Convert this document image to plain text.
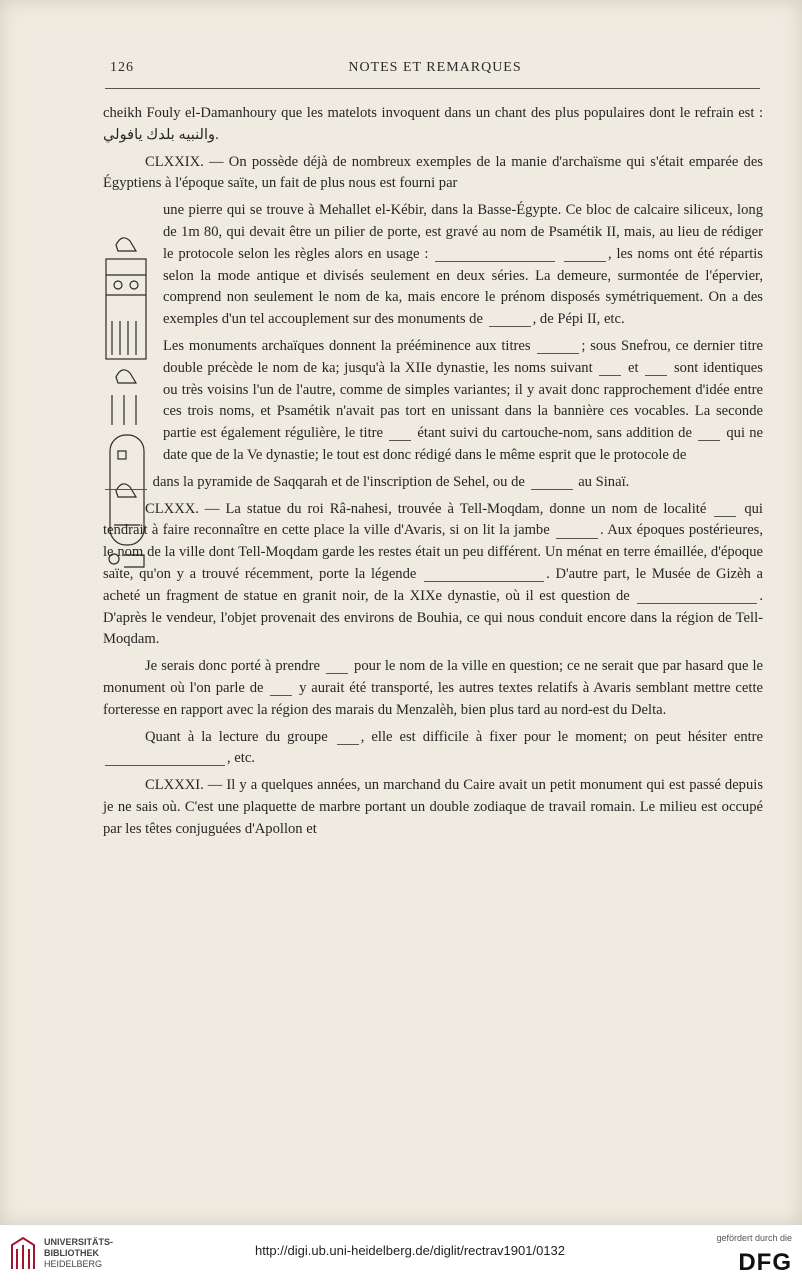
126	NOTES ET REMARQUES

cheikh Fouly el-Damanhoury que les matelots invoquent dans un chant des plus populaires dont le refrain est : والنبيه بلدك يافولي.

CLXXIX. — On possède déjà de nombreux exemples de la manie d'archaïsme qui s'était emparée des Égyptiens à l'époque saïte, un fait de plus nous est fourni par

une pierre qui se trouve à Mehallet el-Kébir, dans la Basse-Égypte. Ce bloc de calcaire siliceux, long de 1m 80, qui devait être un pilier de porte, est gravé au nom de Psamétik II, mais, au lieu de rédiger le protocole selon les règles alors en usage :	, les noms ont été répartis selon la mode antique et divisés seulement en deux séries. La demeure, surmontée de l'épervier, comprend non seulement le nom de ka, mais encore le prénom disposés symétriquement. On a des exemples d'un tel accouplement sur des monuments de	, de Pépi II, etc.

Les monuments archaïques donnent la prééminence aux titres	; sous Snefrou, ce dernier titre double précède le nom de ka; jusqu'à la XIIe dynastie, les noms suivant et sont identiques ou très voisins l'un de l'autre, comme de simples variantes; il y avait donc rapprochement d'idée entre ces trois noms, et Psamétik n'avait pas tort en unissant dans la bannière ces vocables. La seconde partie est également régulière, le titre étant suivi du cartouche-nom, sans addition de qui ne date que de la Ve dynastie; le tout est donc rédigé dans le même esprit que le protocole de

dans la pyramide de Saqqarah et de l'inscription de Sehel, ou de	au Sinaï.

CLXXX. — La statue du roi Râ-nahesi, trouvée à Tell-Moqdam, donne un nom de localité	qui tendrait à faire reconnaître en cette place la ville d'Avaris, si on lit la jambe	. Aux époques postérieures, le nom de la ville dont Tell-Moqdam garde les restes était un peu différent. Un ménat en terre émaillée, d'époque saïte, qu'on y a trouvé récemment, porte la légende	. D'autre part, le Musée de Gizèh a acheté un fragment de statue en granit noir, de la XIXe dynastie, où il est question de	. D'après le vendeur, l'objet provenait des environs de Bouhia, ce qui nous conduit encore dans la région de Tell-Moqdam.

Je serais donc porté à prendre pour le nom de la ville en question; ce ne serait que par hasard que le monument où l'on parle de y aurait été transporté, les autres textes relatifs à Avaris semblant mettre cette forteresse en rapport avec la région des marais du Menzalèh, bien plus tard au nord-est du Delta.

Quant à la lecture du groupe , elle est difficile à fixer pour le moment; on peut hésiter entre , etc.

CLXXXI. — Il y a quelques années, un marchand du Caire avait un petit monument qui est passé depuis je ne sais où. C'est une plaquette de marbre portant un double zodiaque de travail romain. Le milieu est occupé par les têtes conjuguées d'Apollon et

UNIVERSITÄTS-
BIBLIOTHEK
HEIDELBERG
http://digi.ub.uni-heidelberg.de/diglit/rectrav1901/0132
gefördert durch die
DFG
